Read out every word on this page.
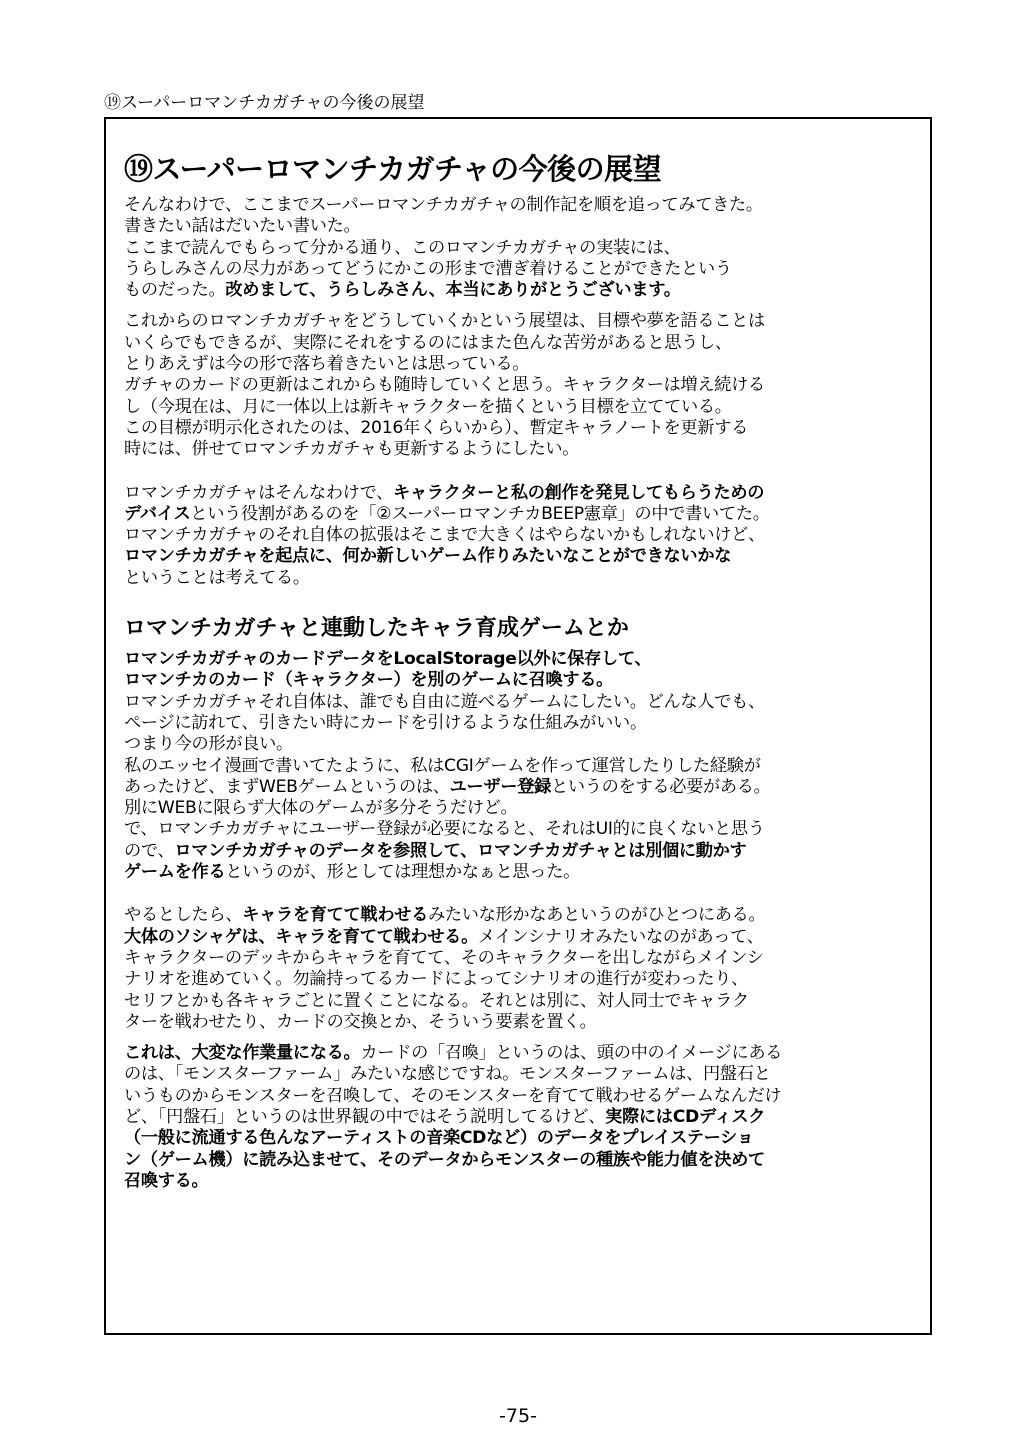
⑲スーパーロマンチカガチャの今後の展望
⑲スーパーロマンチカガチャの今後の展望
そんなわけで、ここまでスーパーロマンチカガチャの制作記を順を追ってみてきた。
書きたい話はだいたい書いた。
ここまで読んでもらって分かる通り、このロマンチカガチャの実装には、
うらしみさんの尽力があってどうにかこの形まで漕ぎ着けることができたという
ものだった。改めまして、うらしみさん、本当にありがとうございます。
これからのロマンチカガチャをどうしていくかという展望は、目標や夢を語ることは
いくらでもできるが、実際にそれをするのにはまた色んな苦労があると思うし、
とりあえずは今の形で落ち着きたいとは思っている。
ガチャのカードの更新はこれからも随時していくと思う。キャラクターは増え続ける
し（今現在は、月に一体以上は新キャラクターを描くという目標を立てている。
この目標が明示化されたのは、2016年くらいから）、暫定キャラノートを更新する
時には、併せてロマンチカガチャも更新するようにしたい。
ロマンチカガチャはそんなわけで、キャラクターと私の創作を発見してもらうための
デバイスという役割があるのを「②スーパーロマンチカBEEP憲章」の中で書いてた。
ロマンチカガチャのそれ自体の拡張はそこまで大きくはやらないかもしれないけど、
ロマンチカガチャを起点に、何か新しいゲーム作りみたいなことができないかな
ということは考えてる。
ロマンチカガチャと連動したキャラ育成ゲームとか
ロマンチカガチャのカードデータをLocalStorage以外に保存して、
ロマンチカのカード（キャラクター）を別のゲームに召喚する。
ロマンチカガチャそれ自体は、誰でも自由に遊べるゲームにしたい。どんな人でも、
ページに訪れて、引きたい時にカードを引けるような仕組みがいい。
つまり今の形が良い。
私のエッセイ漫画で書いてたように、私はCGIゲームを作って運営したりした経験が
あったけど、まずWEBゲームというのは、ユーザー登録というのをする必要がある。
別にWEBに限らず大体のゲームが多分そうだけど。
で、ロマンチカガチャにユーザー登録が必要になると、それはUI的に良くないと思う
ので、ロマンチカガチャのデータを参照して、ロマンチカガチャとは別個に動かす
ゲームを作るというのが、形としては理想かなぁと思った。
やるとしたら、キャラを育てて戦わせるみたいな形かなあというのがひとつにある。
大体のソシャゲは、キャラを育てて戦わせる。メインシナリオみたいなのがあって、
キャラクターのデッキからキャラを育てて、そのキャラクターを出しながらメインシ
ナリオを進めていく。勿論持ってるカードによってシナリオの進行が変わったり、
セリフとかも各キャラごとに置くことになる。それとは別に、対人同士でキャラク
ターを戦わせたり、カードの交換とか、そういう要素を置く。
これは、大変な作業量になる。カードの「召喚」というのは、頭の中のイメージにある
のは、「モンスターファーム」みたいな感じですね。モンスターファームは、円盤石と
いうものからモンスターを召喚して、そのモンスターを育てて戦わせるゲームなんだけ
ど、「円盤石」というのは世界観の中ではそう説明してるけど、実際にはCDディスク
（一般に流通する色んなアーティストの音楽CDなど）のデータをプレイステーショ
ン（ゲーム機）に読み込ませて、そのデータからモンスターの種族や能力値を決めて
召喚する。
-75-
